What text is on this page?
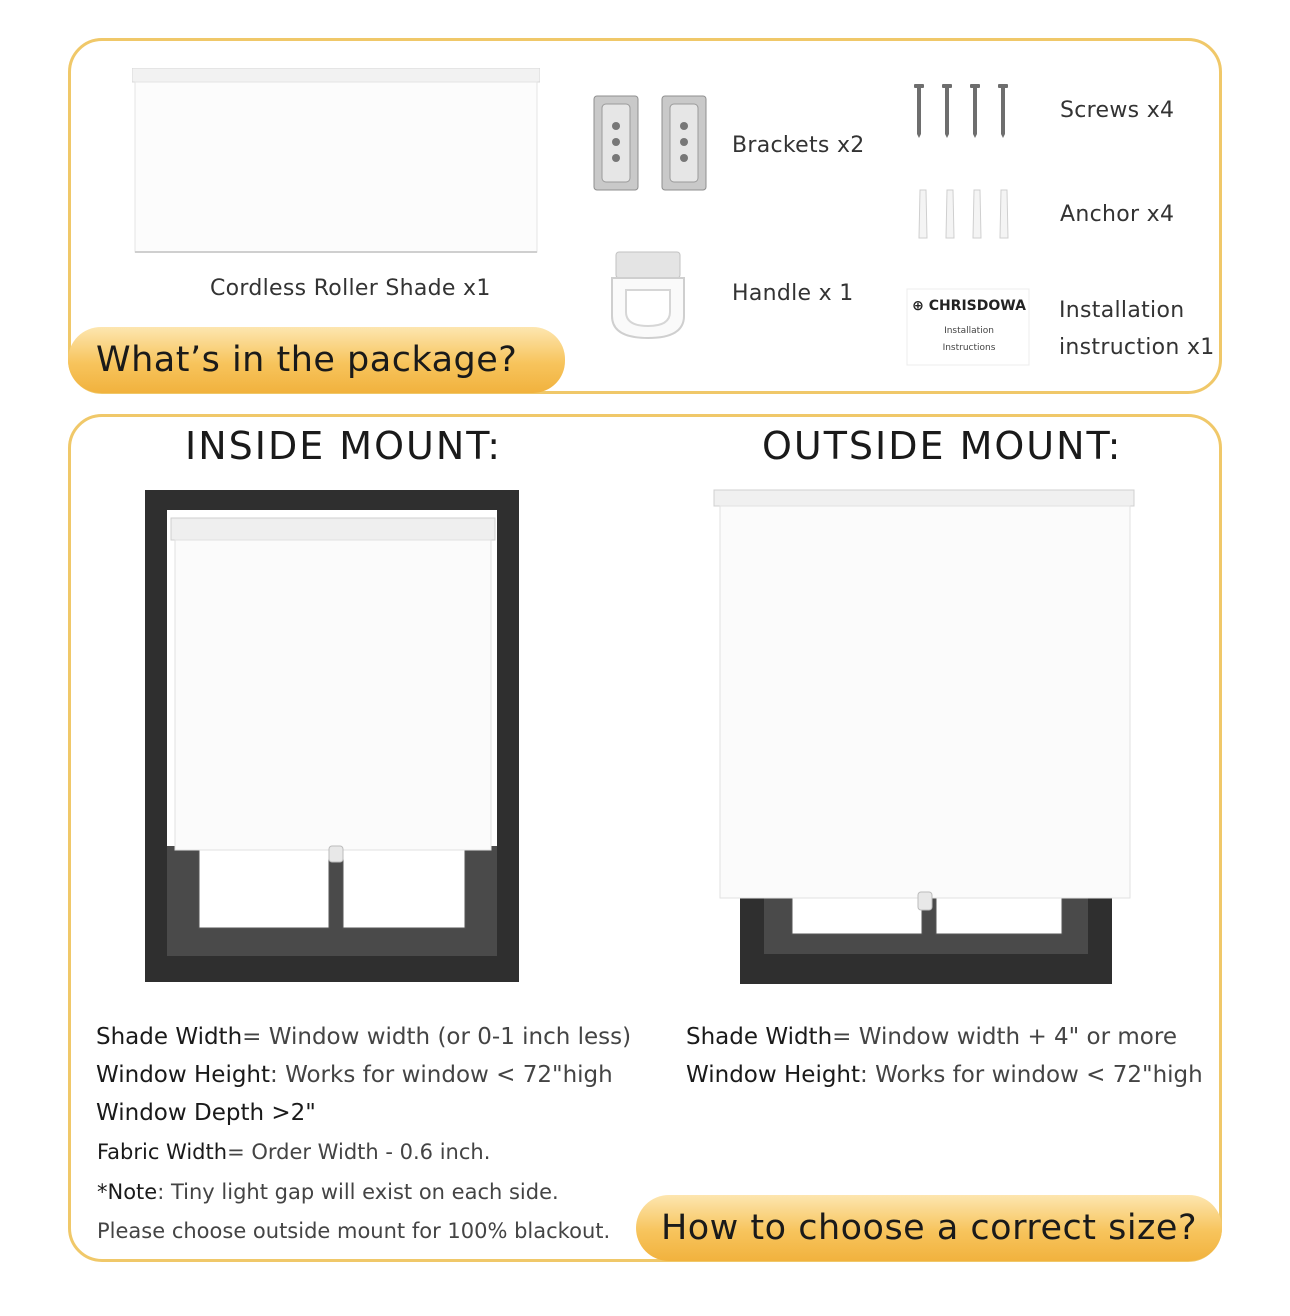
Cordless Roller Shade x1
Brackets x2
Handle x 1
Screws x4
Anchor x4
⊕ CHRISDOWA
Installation
Instructions
Installation
instruction x1
What’s in the package?
INSIDE MOUNT:	OUTSIDE MOUNT:
Shade Width= Window width (or 0-1 inch less)
Window Height: Works for window < 72"high
Window Depth >2"
Fabric Width= Order Width - 0.6 inch.
*Note: Tiny light gap will exist on each side.
Please choose outside mount for 100% blackout.
Shade Width= Window width + 4" or more
Window Height: Works for window < 72"high
How to choose a correct size?
